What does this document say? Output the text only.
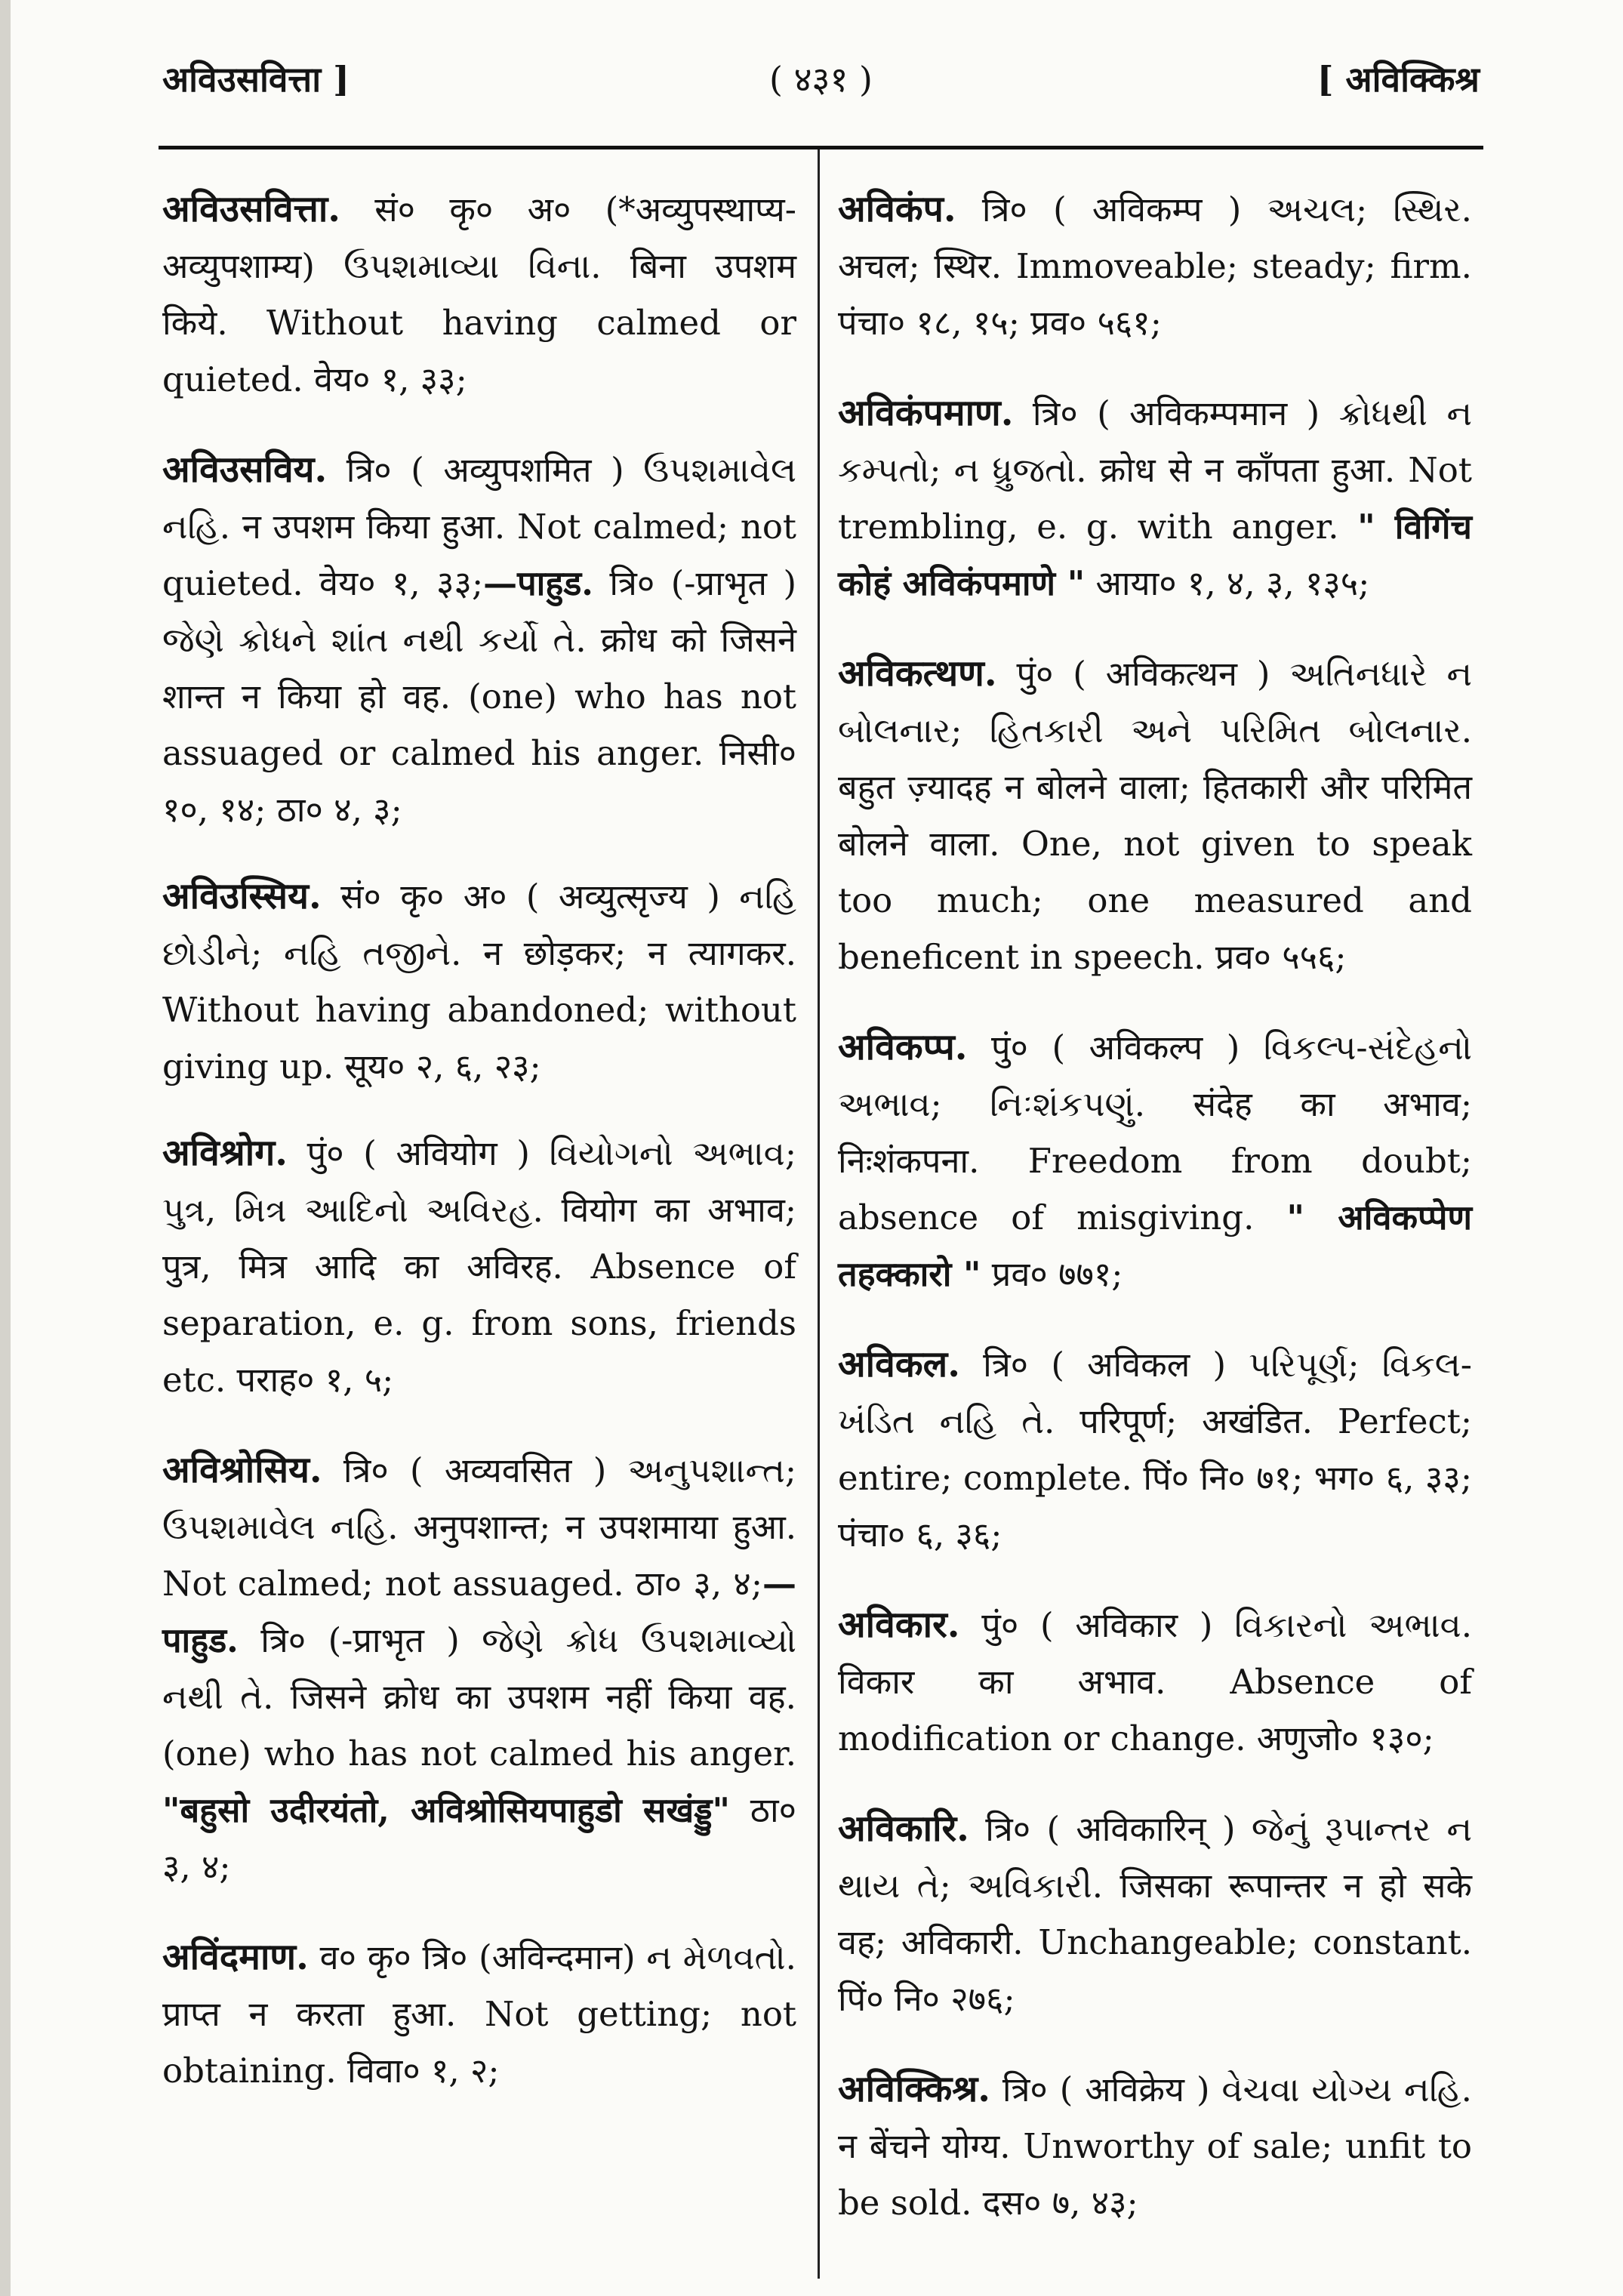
अविउसवित्ता ]	( ४३१ )	[ अविक्किश्र

अविउसवित्ता. सं० कृ० अ० (*अव्युपस्थाप्य-अव्युपशाम्य) ઉપશમાવ્યા વિના. बिना उपशम किये. Without having calmed or quieted. वेय० १, ३३;

अविउसविय. त्रि० ( अव्युपशमित ) ઉપશમાવેલ નહિ. न उपशम किया हुआ. Not calmed; not quieted. वेय० १, ३३;—पाहुड. त्रि० (-प्राभृत ) જેણે ક્રોધને શાંત નથી કર્યો તે. क्रोध को जिसने शान्त न किया हो वह. (one) who has not assuaged or calmed his anger. निसी० १०, १४; ठा० ४, ३;

अविउस्सिय. सं० कृ० अ० ( अव्युत्सृज्य ) નહિ છોડીને; નહિ તજીને. न छोड़कर; न त्यागकर. Without having abandoned; without giving up. सूय० २, ६, २३;

अविश्रोग. पुं० ( अवियोग ) વિયોગનો અભાવ; પુત્ર, મિત્ર આદિનો અવિરહ. वियोग का अभाव; पुत्र, मित्र आदि का अविरह. Absence of separation, e. g. from sons, friends etc. पराह० १, ५;

अविश्रोसिय. त्रि० ( अव्यवसित ) અનુપશાન્ત; ઉપશમાવેલ નહિ. अनुपशान्त; न उपशमाया हुआ. Not calmed; not assuaged. ठा० ३, ४;—पाहुड. त्रि० (-प्राभृत ) જેણે ક્રોધ ઉપશમાવ્યો નથી તે. जिसने क्रोध का उपशम नहीं किया वह. (one) who has not calmed his anger. "बहुसो उदीरयंतो, अविश्रोसियपाहुडो सखंड्डु" ठा० ३, ४;

अविंदमाण. व० कृ० त्रि० (अविन्दमान) ન મેળવતો. प्राप्त न करता हुआ. Not getting; not obtaining. विवा० १, २;

अविकंप. त्रि० ( अविकम्प ) અચલ; સ્થિર. अचल; स्थिर. Immoveable; steady; firm. पंचा० १८, १५; प्रव० ५६१;

अविकंपमाण. त्रि० ( अविकम्पमान ) ક્રોધથી ન કમ્પતો; ન ધ્રુજતો. क्रोध से न काँपता हुआ. Not trembling, e. g. with anger. " विगिंच कोहं अविकंपमाणे " आया० १, ४, ३, १३५;

अविकत्थण. पुं० ( अविकत्थन ) અતિનધારે ન બોલનાર; હિતકારી અને પરિમિત બોલનાર. बहुत ज़्यादह न बोलने वाला; हितकारी और परिमित बोलने वाला. One, not given to speak too much; one measured and beneficent in speech. प्रव० ५५६;

अविकप्प. पुं० ( अविकल्प ) વિકલ્પ-સંદેહનો અભાવ; નિઃશંકપણું. संदेह का अभाव; निःशंकपना. Freedom from doubt; absence of misgiving. " अविकप्पेण तहक्कारो " प्रव० ७७१;

अविकल. त्रि० ( अविकल ) પરિપૂર્ણ; વિકલ-ખંડિત નહિ તે. परिपूर्ण; अखंडित. Perfect; entire; complete. पिं० नि० ७१; भग० ६, ३३; पंचा० ६, ३६;

अविकार. पुं० ( अविकार ) વિકારનો અભાવ. विकार का अभाव. Absence of modification or change. अणुजो० १३०;

अविकारि. त्रि० ( अविकारिन् ) જેનું રૂપાન્તર ન થાય તે; અવિકારી. जिसका रूपान्तर न हो सके वह; अविकारी. Unchangeable; constant. पिं० नि० २७६;

अविक्किश्र. त्रि० ( अविक्रेय ) વેચવા યોગ્ય નહિ. न बेंचने योग्य. Unworthy of sale; unfit to be sold. दस० ७, ४३;
